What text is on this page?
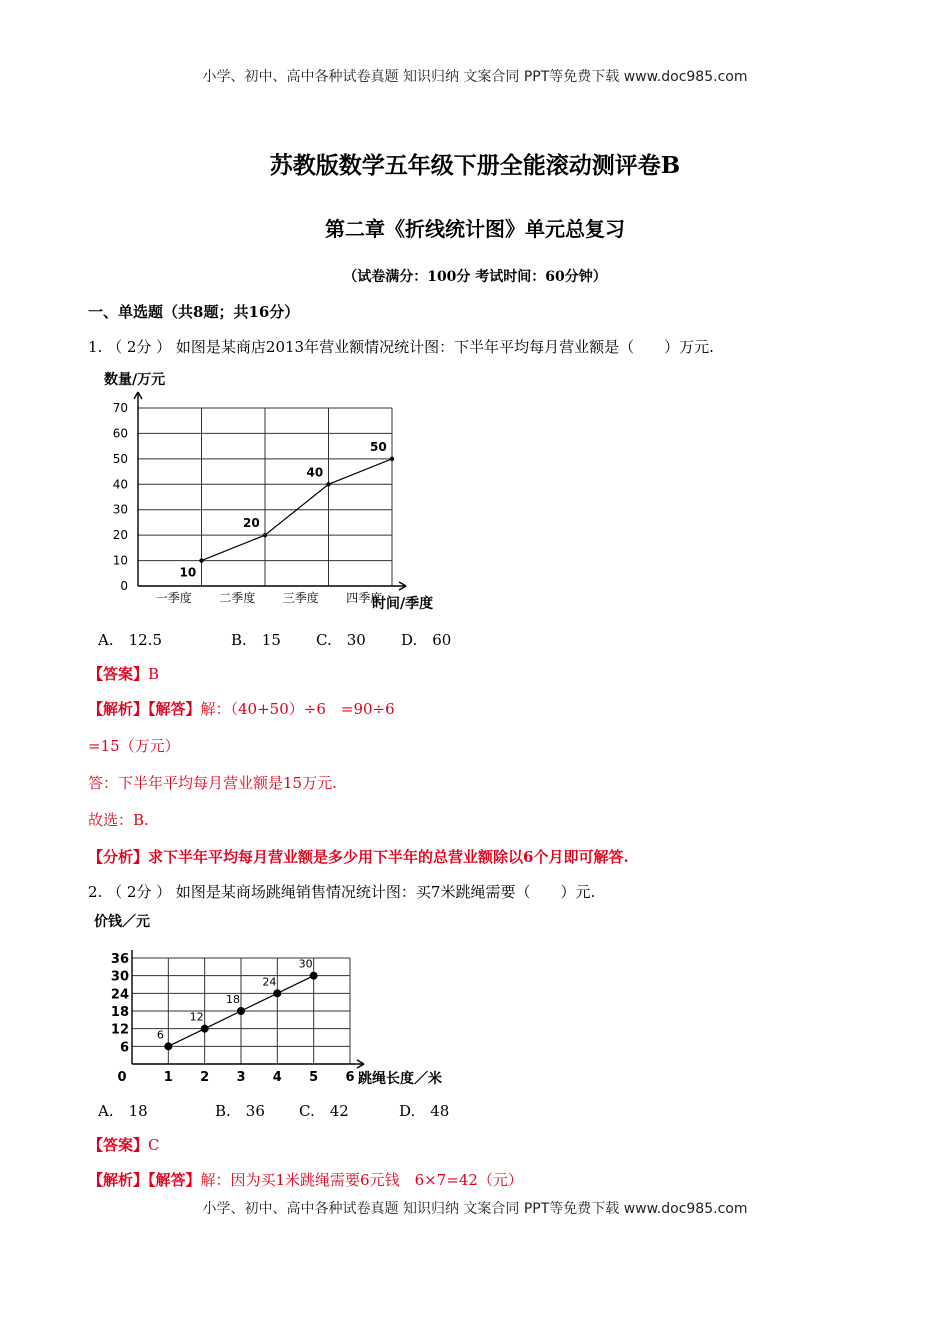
小学、初中、高中各种试卷真题 知识归纳 文案合同 PPT等免费下载 www.doc985.com
苏教版数学五年级下册全能滚动测评卷B
第二章《折线统计图》单元总复习
（试卷满分：100分 考试时间：60分钟）
一、单选题（共8题；共16分）
1. （ 2分 ） 如图是某商店2013年营业额情况统计图：下半年平均每月营业额是（　　）万元.
0
10
20
30
40
50
60
70
一季度 二季度 三季度 四季度
10
20
40
50
数量/万元
时间/季度
A.　12.5	B.　15 C.　30 D.　60
【答案】B
【解析】【解答】解：（40+50）÷6　=90÷6
=15（万元）
答：下半年平均每月营业额是15万元.
故选：B.
【分析】求下半年平均每月营业额是多少用下半年的总营业额除以6个月即可解答.
2. （ 2分 ） 如图是某商场跳绳销售情况统计图：买7米跳绳需要（　　）元.
6
12
18
24
30
36
0	1 2 3 4 5 6
6
12
18
24
30
价钱／元
跳绳长度／米
A.　18	B.　36 C.　42	D.　48
【答案】C
【解析】【解答】解：因为买1米跳绳需要6元钱　6×7=42（元）
小学、初中、高中各种试卷真题 知识归纳 文案合同 PPT等免费下载 www.doc985.com
